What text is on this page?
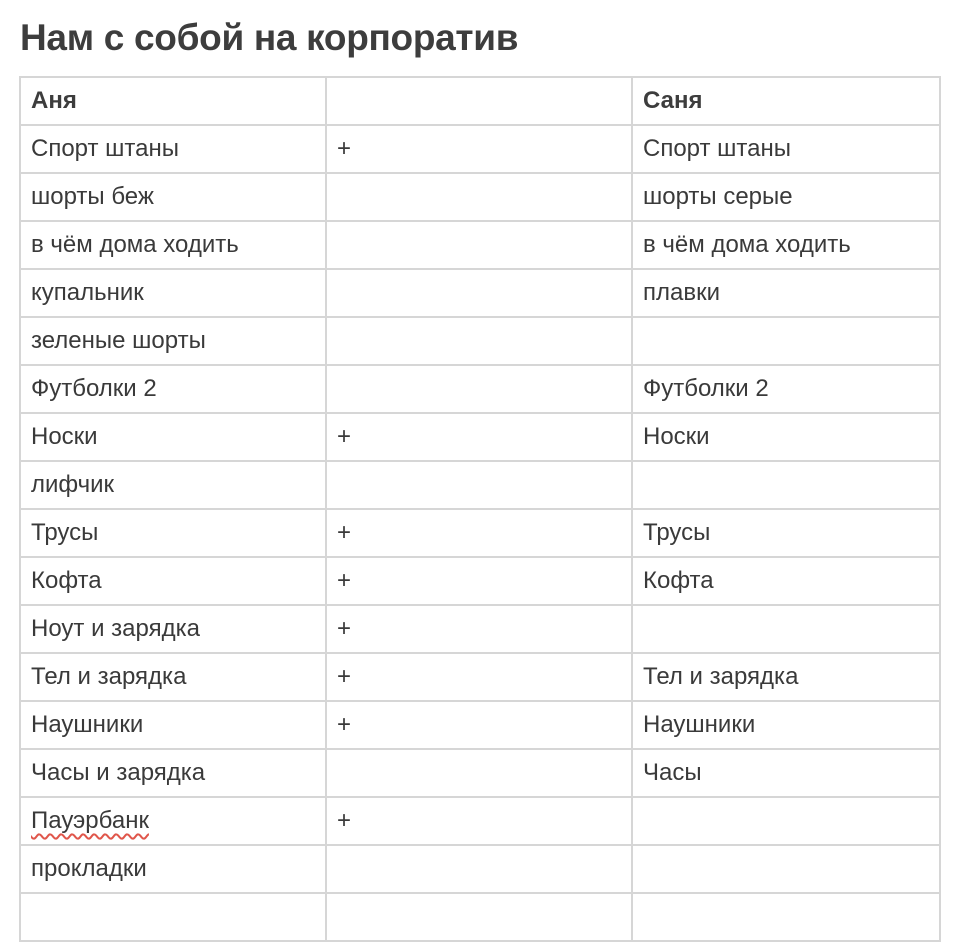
Нам с собой на корпоратив
Аня		Саня
Спорт штаны	+	Спорт штаны
шорты беж		шорты серые
в чём дома ходить		в чём дома ходить
купальник		плавки
зеленые шорты		
Футболки 2		Футболки 2
Носки	+	Носки
лифчик		
Трусы	+	Трусы
Кофта	+	Кофта
Ноут и зарядка	+	
Тел и зарядка	+	Тел и зарядка
Наушники	+	Наушники
Часы и зарядка		Часы
Пауэрбанк	+	
прокладки		
